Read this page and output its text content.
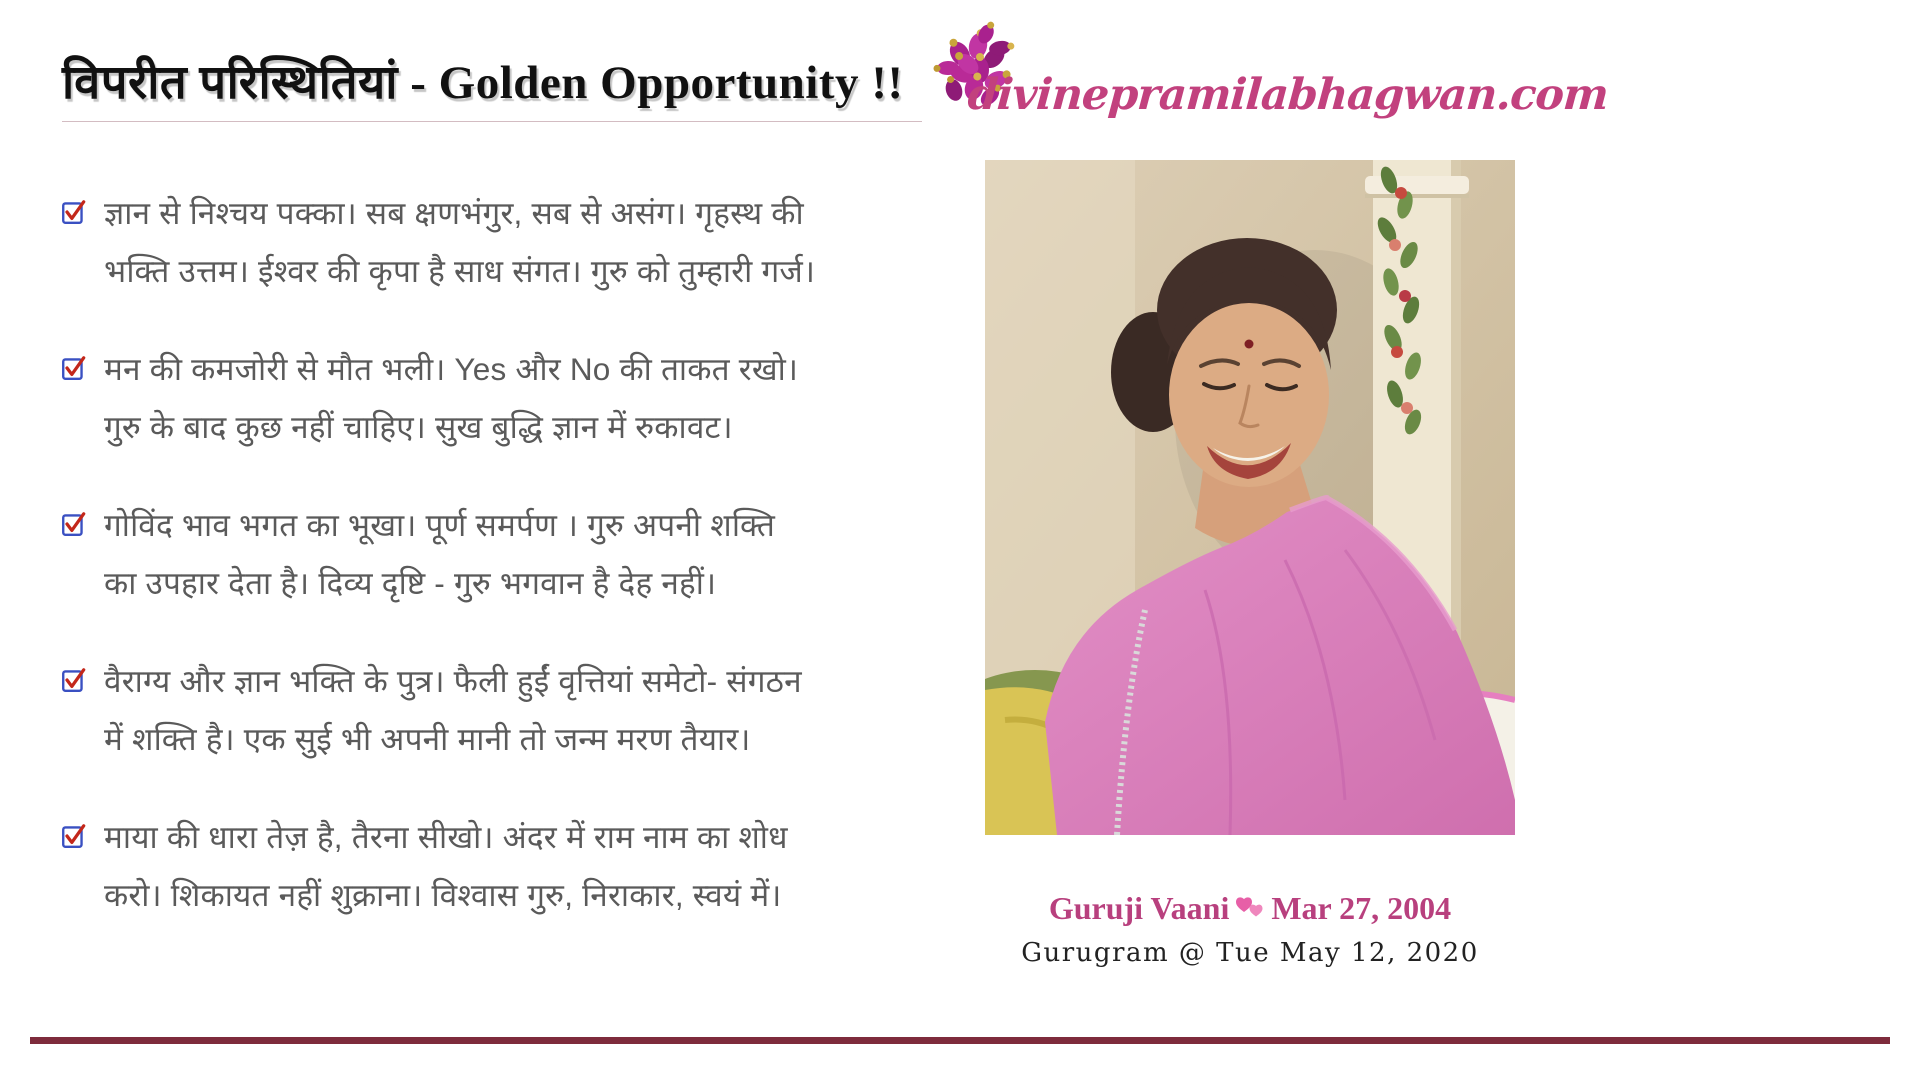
विपरीत परिस्थितियां - Golden Opportunity !!	divinepramilabhagwan.com
ज्ञान से निश्चय पक्का। सब क्षणभंगुर, सब से असंग। गृहस्थ की
भक्ति उत्तम। ईश्वर की कृपा है साध संगत। गुरु को तुम्हारी गर्ज।
मन की कमजोरी से मौत भली। Yes और No की ताकत रखो।
गुरु के बाद कुछ नहीं चाहिए। सुख बुद्धि ज्ञान में रुकावट।
गोविंद भाव भगत का भूखा। पूर्ण समर्पण । गुरु अपनी शक्ति
का उपहार देता है। दिव्य दृष्टि - गुरु भगवान है देह नहीं।
वैराग्य और ज्ञान भक्ति के पुत्र। फैली हुईं वृत्तियां समेटो- संगठन
में शक्ति है। एक सुई भी अपनी मानी तो जन्म मरण तैयार।
माया की धारा तेज़ है, तैरना सीखो। अंदर में राम नाम का शोध
करो। शिकायत नहीं शुक्राना। विश्वास गुरु, निराकार, स्वयं में।	Guruji Vaani Mar 27, 2004
Gurugram @ Tue May 12, 2020
